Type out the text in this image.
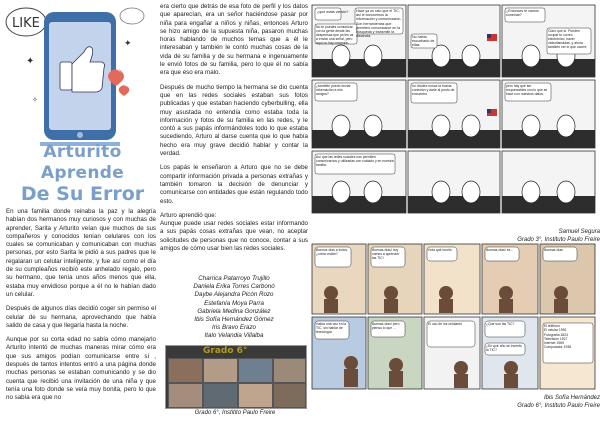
LIKE
✦
✦
✧
Arturito Aprende
De Su Error

En una familia donde reinaba la paz y la alegría habían dos hermanos muy curiosos y con muchas de aprender, Sarita y Arturito veían que muchos de sus compañeros y conocidos tenían celulares con los cuales se comunicaban y comunicaban con muchas personas, por esto Sarita le pidió a sus padres que le regalaran un celular inteligente, y fue así como el día de su cumpleaños recibió este anhelado regalo, pero su hermano, que tenía unos años menos que ella, estaba muy envidioso porque a él no le habían dado un celular.

Después de algunos días decidió coger sin permiso el celular de su hermana, aprovechando que había salido de casa y que llegaría hasta la noche.

Aunque por su corta edad no sabía cómo manejarlo Arturito intentó de muchas maneras mirar cómo era que sus amigos podían comunicarse entre sí , después de tantos intentos entró a una página donde muchas personas se estaban comunicando y se dio cuenta que recibió una invitación de una niña y que tenía una foto donde se veía muy bonita, pero lo que no sabía era que no

era cierto que detrás de esa foto de perfil y los datos que aparecían, era un señor haciéndose pasar por niña para engañar a niños y niñas, entonces Arturo se hizo amigo de la supuesta niña, pasaron muchas horas hablando de muchos temas que a él le interesaban y también le contó muchas cosas de la vida de su familia y de su hermana e ingenuamente le envió fotos de su familia, pero lo que él no sabía era que eso era malo.

Después de mucho tiempo la hermana se dio cuenta que en las redes sociales estaban sus fotos publicadas y que estaban haciendo cyberbulling, ella muy asustada no entendía como estaba toda la información y fotos de su familia en las redes, y le contó a sus papás informándoles todo lo que estaba sucediendo, Arturo al darse cuenta que lo que había hecho era muy grave decidió hablar y contar la verdad.

Los papás le enseñaron a Arturo que no se debe compartir información privada a personas extrañas y también tomaron la decisión de denunciar y comunicarse con entidades que están regulando todo esto.

Arturo aprendió que:

Aunque puede usar redes sociales estar informando a sus papás cosas extrañas que vean, no aceptar solicitudes de personas que no conoce, contar a sus amigos de cómo usar bien las redes sociales.

Charrica Patarroyo Trujillo
Daniela Erika Torres Carbonó
Daybe Alejandra Picón Rozo
Estefanía Moya Parra
Gabriela Medina González
Ibis Sofía Hernández Gómez
Iris Bravo Erazo
Italo Velandia Villalba
Grado 6°
Grado 6°, Institito Paulo Freire
¿qué estás viendo? Hace ya un rato que el TIC, así le conocemos la información y comunicación. Son herramientas que permiten comunicarse en la búsqueda y transmitir la distancia.
¿Entonces te vamos conectar?
No te puedes comunicar con la gente desde las despensas que ya les va a enviar una señal, pero aquí no hay conexión.
No había escuchado de ellas.
Claro que sí. Puedes ocupar tu correo electrónico, hacer videollamadas, y ahora también ver lo que ocurre.
¿también puedo enviar información a mis amigos?
no olvides nunca la buena conexión y darle al punto de encuentro
pero hay que ser responsables con lo que se hace con nuestros datos.
Así que las redes sociales nos permiten comunicarnos y utilizarlas con cuidado y en nuestra familia.
Samuel Segura
Grado 3°, Instituto Paulo Freire
Buenos días a todos, ¿cómo están?
Buenas días! hoy vamos a aprender las TIC!
Hola qué bonito	Buenas días! es...	Buenas días
Había una vez en la TIC, sin hablar de tecnología
Buenas días! pero pienso lo que ...
El uso de los celulares	¿Que son las TIC?
¿En qué año se inventó la TIC?
El teléfono
El celular 1992
Fotografía 1824
Televisión 1927
Internet 1969
Computador 1936
Ibis Sofía Hernández
Grado 6°, Instituto Paulo Freire
